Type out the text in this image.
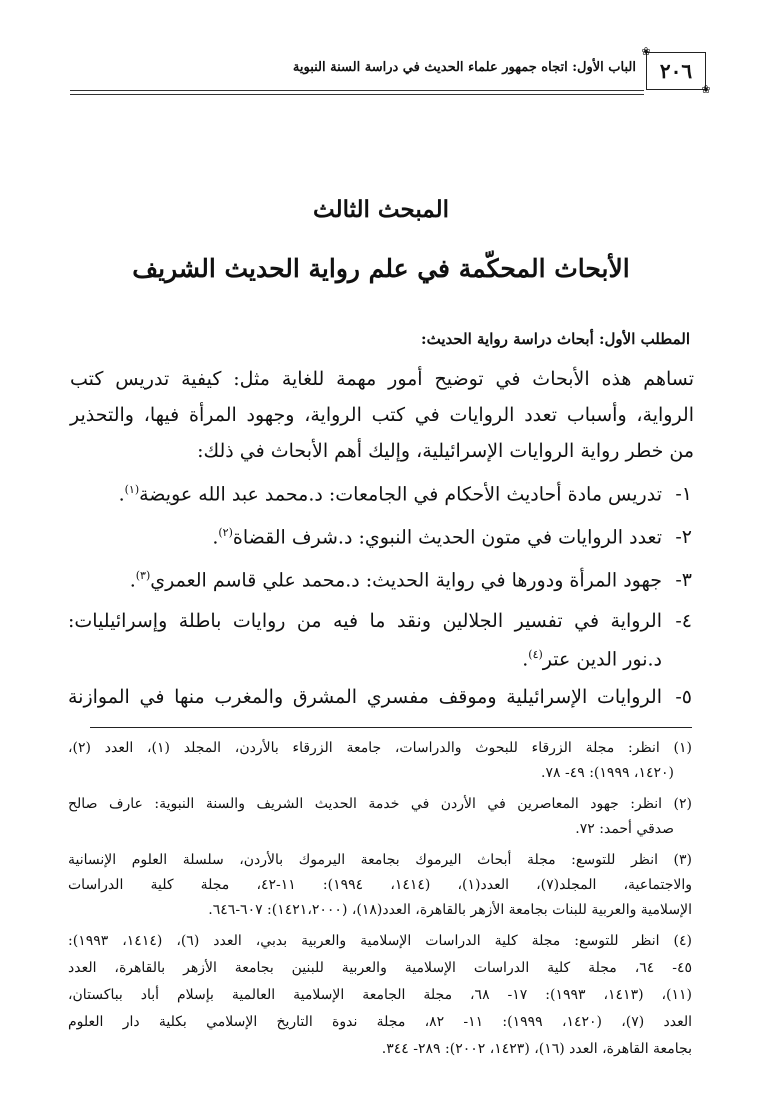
الباب الأول: اتجاه جمهور علماء الحديث في دراسة السنة النبوية
❀
٢٠٦
❀
المبحث الثالث
الأبحاث المحكّمة في علم رواية الحديث الشريف
المطلب الأول: أبحاث دراسة رواية الحديث:
تساهم هذه الأبحاث في توضيح أمور مهمة للغاية مثل: كيفية تدريس كتب
الرواية، وأسباب تعدد الروايات في كتب الرواية، وجهود المرأة فيها، والتحذير
من خطر رواية الروايات الإسرائيلية، وإليك أهم الأبحاث في ذلك:
١-
تدريس مادة أحاديث الأحكام في الجامعات: د.محمد عبد الله عويضة$^{(١)}$.
٢-
تعدد الروايات في متون الحديث النبوي: د.شرف القضاة$^{(٢)}$.
٣-
جهود المرأة ودورها في رواية الحديث: د.محمد علي قاسم العمري$^{(٣)}$.
٤-
الرواية في تفسير الجلالين ونقد ما فيه من روايات باطلة وإسرائيليات:
د.نور الدين عتر$^{(٤)}$.
٥-
الروايات الإسرائيلية وموقف مفسري المشرق والمغرب منها في الموازنة
(١) انظر: مجلة الزرقاء للبحوث والدراسات، جامعة الزرقاء بالأردن، المجلد (١)، العدد (٢)،
(١٤٢٠، ١٩٩٩): ٤٩- ٧٨.
(٢) انظر: جهود المعاصرين في الأردن في خدمة الحديث الشريف والسنة النبوية: عارف صالح
صدقي أحمد: ٧٢.
(٣) انظر للتوسع: مجلة أبحاث اليرموك بجامعة اليرموك بالأردن، سلسلة العلوم الإنسانية
والاجتماعية، المجلد(٧)، العدد(١)، (١٤١٤، ١٩٩٤): ١١-٤٢، مجلة كلية الدراسات
الإسلامية والعربية للبنات بجامعة الأزهر بالقاهرة، العدد(١٨)، (١٤٢١،٢٠٠٠): ٦٠٧-٦٤٦.
(٤) انظر للتوسع: مجلة كلية الدراسات الإسلامية والعربية بدبي، العدد (٦)، (١٤١٤، ١٩٩٣):
٤٥- ٦٤، مجلة كلية الدراسات الإسلامية والعربية للبنين بجامعة الأزهر بالقاهرة، العدد
(١١)، (١٤١٣، ١٩٩٣): ١٧- ٦٨، مجلة الجامعة الإسلامية العالمية بإسلام أباد بباكستان،
العدد (٧)، (١٤٢٠، ١٩٩٩): ١١- ٨٢، مجلة ندوة التاريخ الإسلامي بكلية دار العلوم
بجامعة القاهرة، العدد (١٦)، (١٤٢٣، ٢٠٠٢): ٢٨٩- ٣٤٤.
